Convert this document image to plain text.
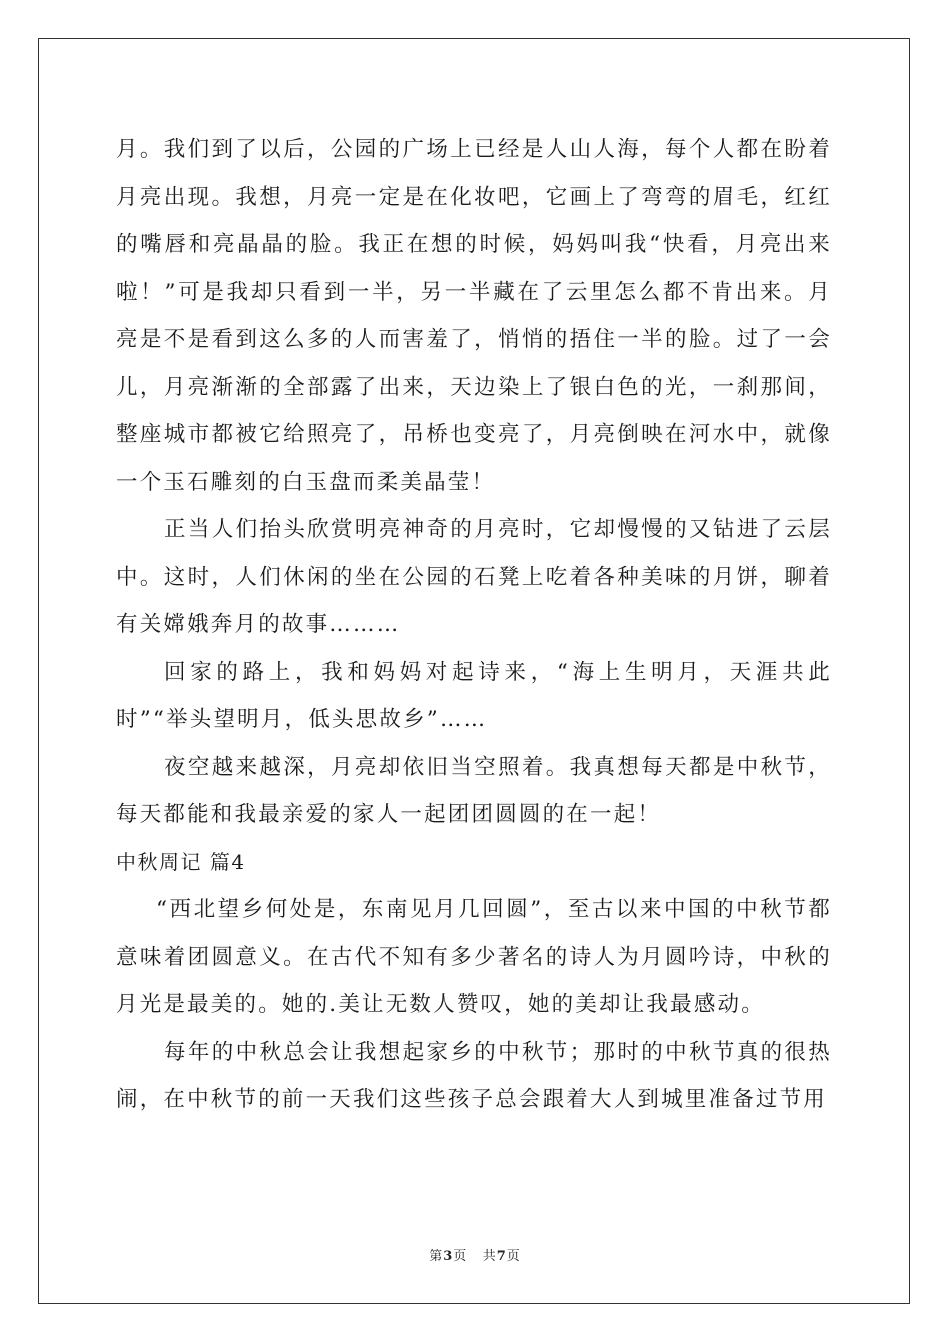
月。我们到了以后，公园的广场上已经是人山人海，每个人都在盼着月亮出现。我想，月亮一定是在化妆吧，它画上了弯弯的眉毛，红红的嘴唇和亮晶晶的脸。我正在想的时候，妈妈叫我“快看，月亮出来啦！”可是我却只看到一半，另一半藏在了云里怎么都不肯出来。月亮是不是看到这么多的人而害羞了，悄悄的捂住一半的脸。过了一会儿，月亮渐渐的全部露了出来，天边染上了银白色的光，一刹那间，整座城市都被它给照亮了，吊桥也变亮了，月亮倒映在河水中，就像一个玉石雕刻的白玉盘而柔美晶莹！

正当人们抬头欣赏明亮神奇的月亮时，它却慢慢的又钻进了云层中。这时，人们休闲的坐在公园的石凳上吃着各种美味的月饼，聊着有关嫦娥奔月的故事………

回家的路上，我和妈妈对起诗来，“海上生明月，天涯共此时”“举头望明月，低头思故乡”……

夜空越来越深，月亮却依旧当空照着。我真想每天都是中秋节，每天都能和我最亲爱的家人一起团团圆圆的在一起！

中秋周记 篇4

“西北望乡何处是，东南见月几回圆”，至古以来中国的中秋节都意味着团圆意义。在古代不知有多少著名的诗人为月圆吟诗，中秋的月光是最美的。她的.美让无数人赞叹，她的美却让我最感动。

每年的中秋总会让我想起家乡的中秋节；那时的中秋节真的很热闹，在中秋节的前一天我们这些孩子总会跟着大人到城里准备过节用

第3页 共7页
